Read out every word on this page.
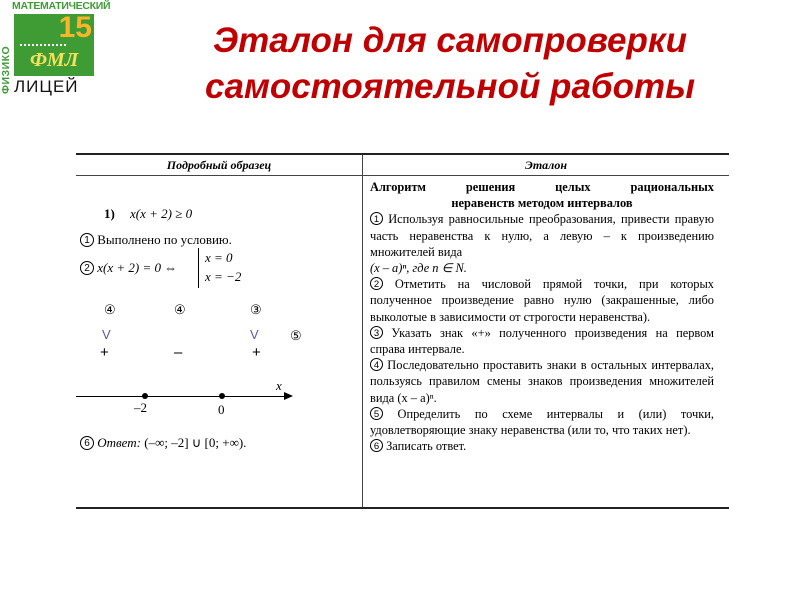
МАТЕМАТИЧЕСКИЙ
ФИЗИКО
15
ФМЛ
ЛИЦЕЙ
Эталон для самопроверки
самостоятельной работы
Подробный образец	Эталон
1) x(x + 2) ≥ 0
1 Выполнено по условию.
2 x(x + 2) = 0 ⇔
x = 0
x = −2
④	④	③
⑤
V	V
+	–	+
–2	0
x
6 Ответ: (–∞; –2] ∪ [0; +∞).

Алгоритм решения целых рациональных

неравенств методом интервалов

1 Используя равносильные преобразования, привести правую часть неравенства к нулю, а левую – к произведению множителей вида

(x – a)ⁿ, где n ∈ N.

2 Отметить на числовой прямой точки, при которых полученное произведение равно нулю (закрашенные, либо выколотые в зависимости от строгости неравенства).

3 Указать знак «+» полученного произведения на первом справа интервале.

4 Последовательно проставить знаки в остальных интервалах, пользуясь правилом смены знаков произведения множителей вида (x – a)ⁿ.

5 Определить по схеме интервалы и (или) точки, удовлетворяющие знаку неравенства (или то, что таких нет).

6 Записать ответ.
